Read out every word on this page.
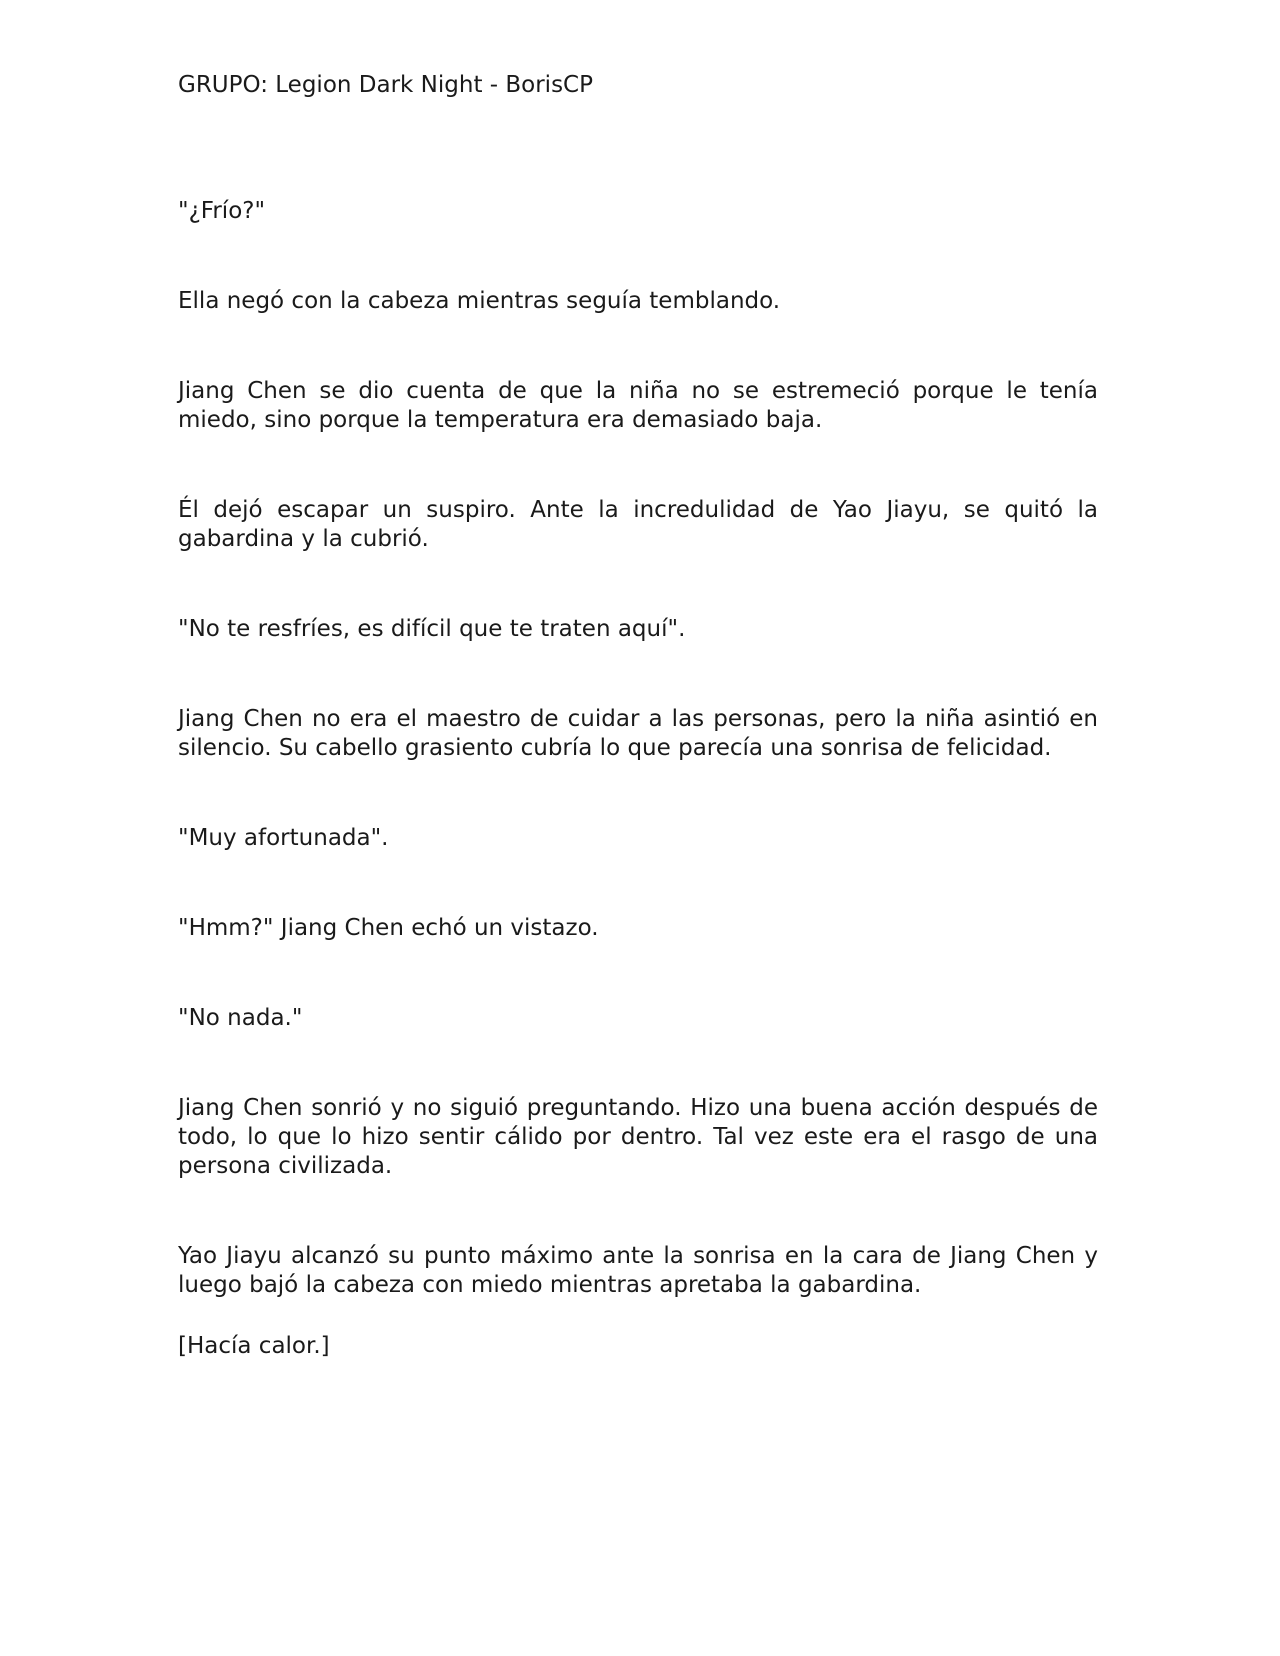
GRUPO: Legion Dark Night - BorisCP

"¿Frío?"

Ella negó con la cabeza mientras seguía temblando.

Jiang Chen se dio cuenta de que la niña no se estremeció porque le tenía miedo, sino porque la temperatura era demasiado baja.

Él dejó escapar un suspiro. Ante la incredulidad de Yao Jiayu, se quitó la gabardina y la cubrió.

"No te resfríes, es difícil que te traten aquí".

Jiang Chen no era el maestro de cuidar a las personas, pero la niña asintió en silencio. Su cabello grasiento cubría lo que parecía una sonrisa de felicidad.

"Muy afortunada".

"Hmm?" Jiang Chen echó un vistazo.

"No nada."

Jiang Chen sonrió y no siguió preguntando. Hizo una buena acción después de todo, lo que lo hizo sentir cálido por dentro. Tal vez este era el rasgo de una persona civilizada.

Yao Jiayu alcanzó su punto máximo ante la sonrisa en la cara de Jiang Chen y luego bajó la cabeza con miedo mientras apretaba la gabardina.

[Hacía calor.]
